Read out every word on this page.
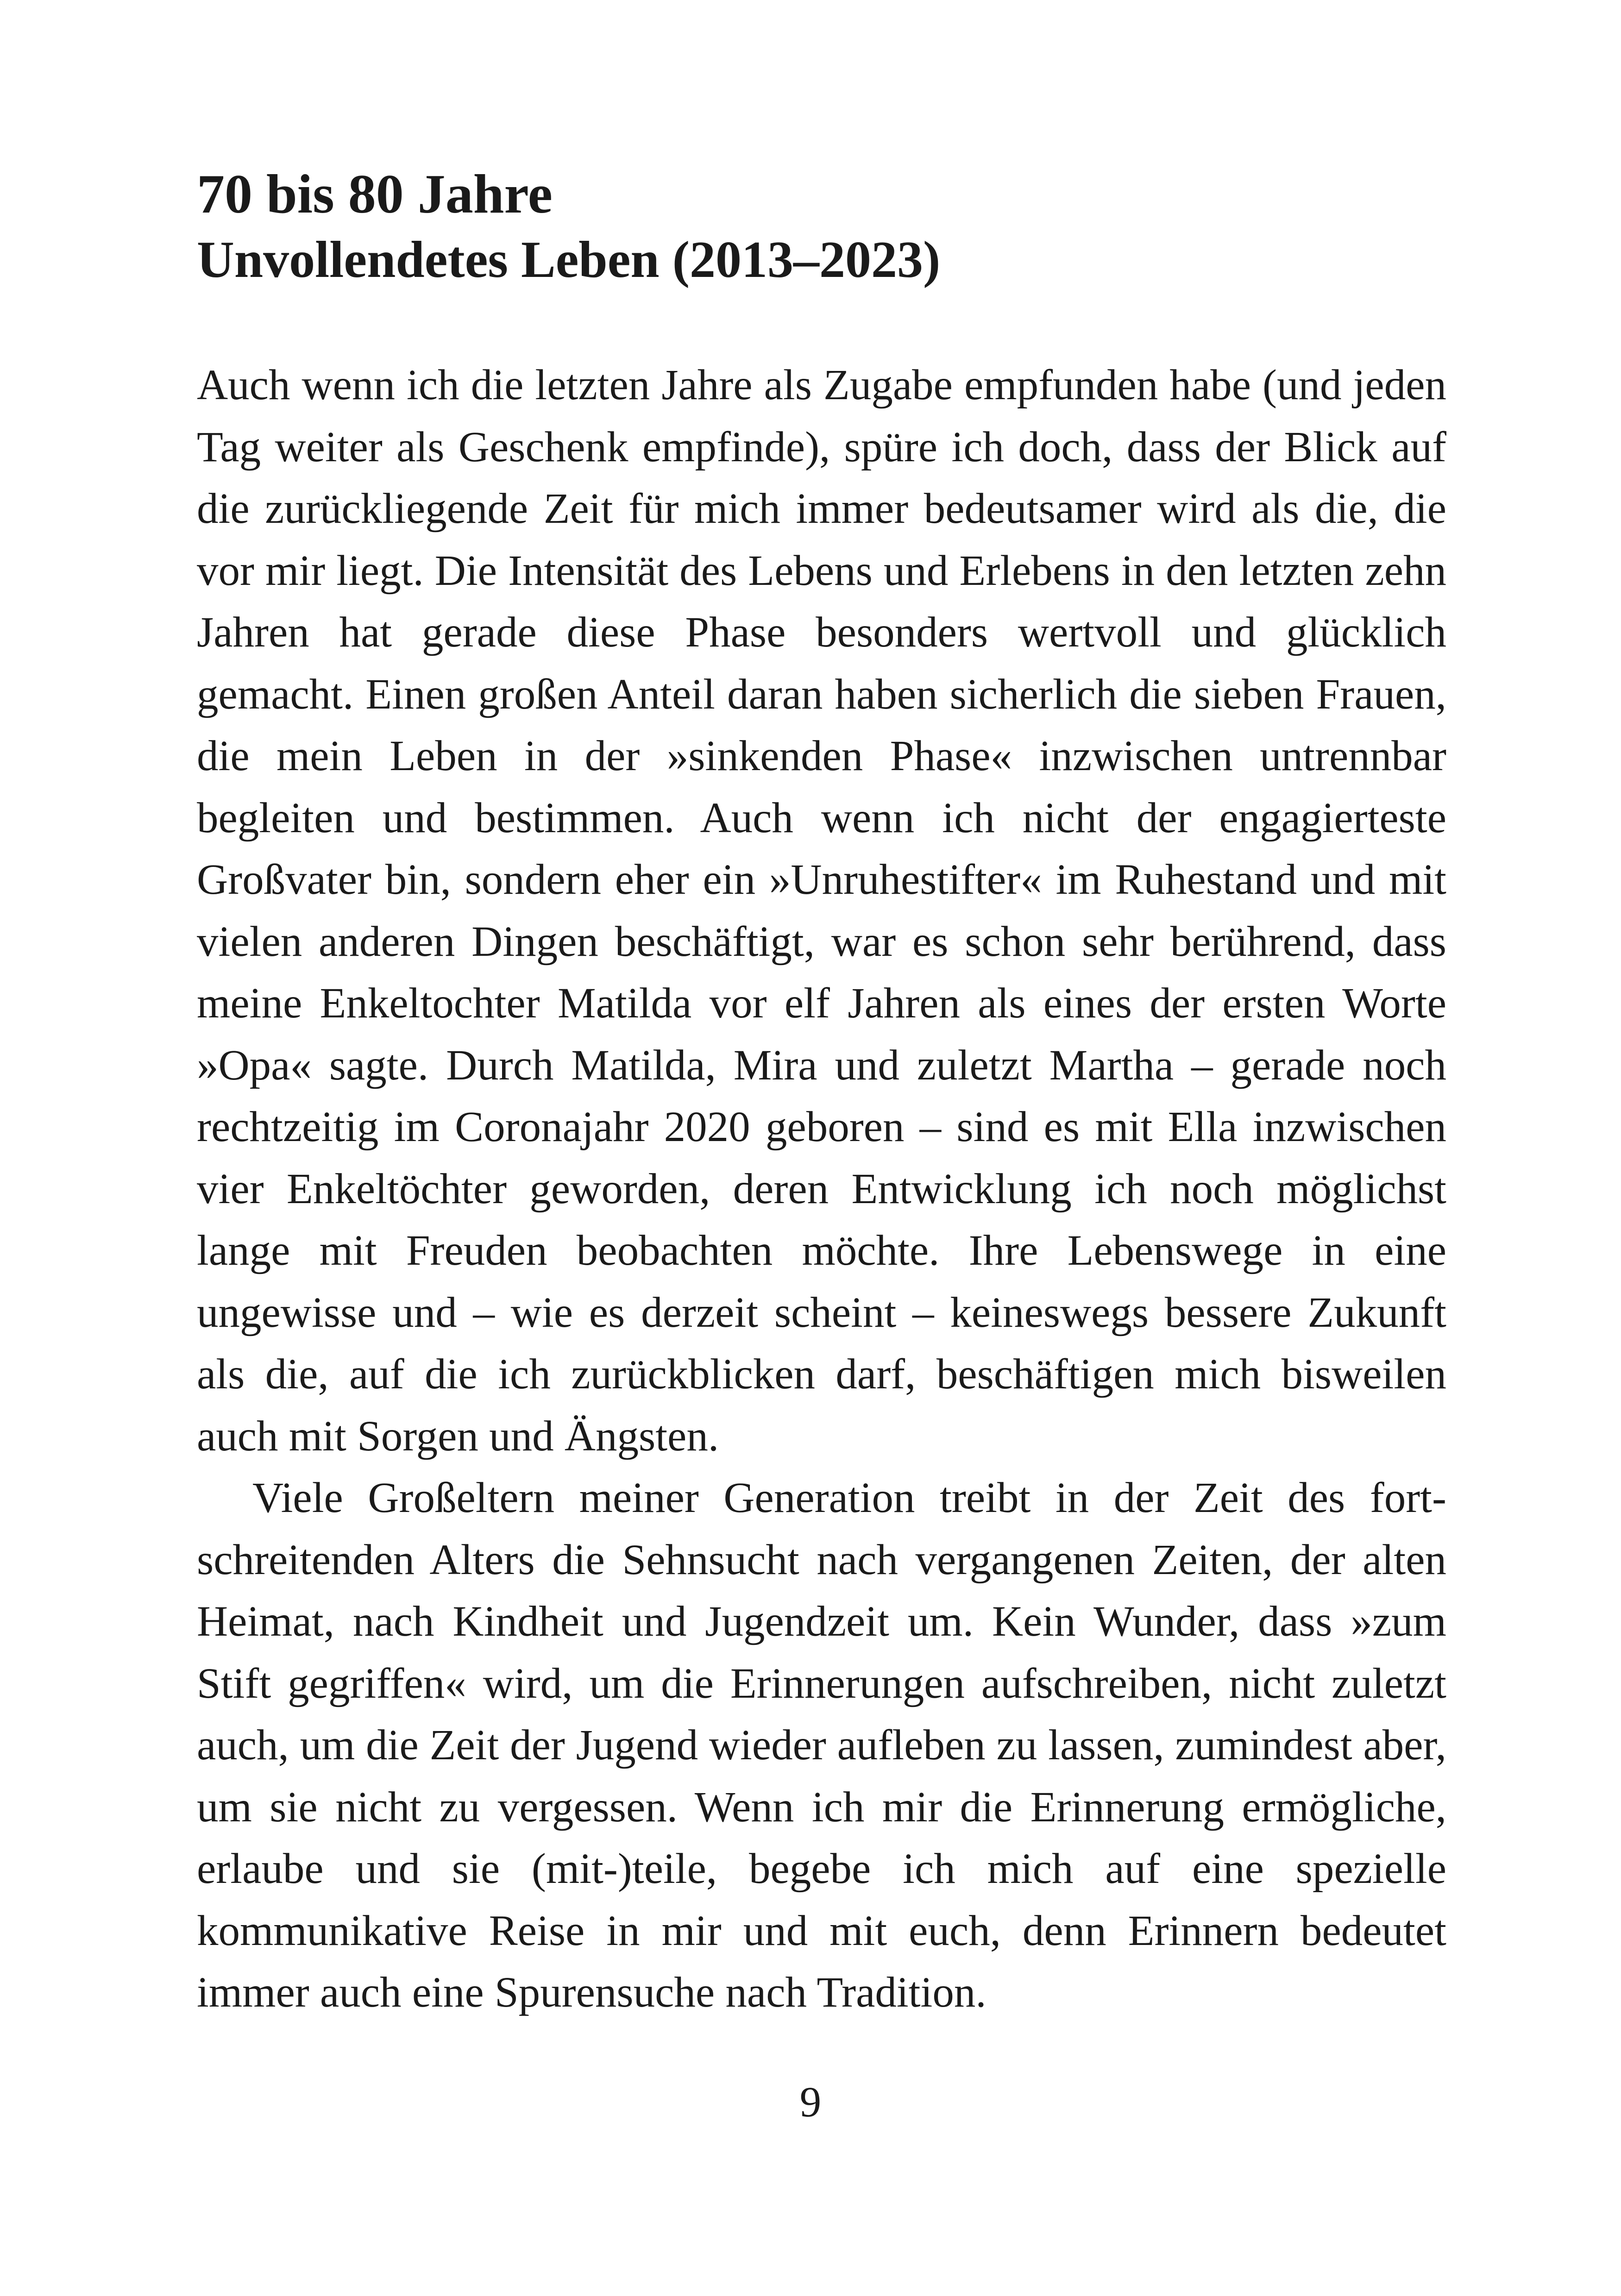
70 bis 80 Jahre
Unvollendetes Leben (2013–2023)

Auch wenn ich die letzten Jahre als Zugabe empfunden habe (und jeden Tag weiter als Geschenk empfinde), spüre ich doch, dass der Blick auf die zurückliegende Zeit für mich immer bedeutsamer wird als die, die vor mir liegt. Die Intensität des Lebens und Erlebens in den letzten zehn Jahren hat gerade diese Phase besonders wertvoll und glücklich gemacht. Einen großen Anteil daran haben sicherlich die sieben Frauen, die mein Leben in der »sinkenden Phase« inzwischen untrennbar begleiten und bestimmen. Auch wenn ich nicht der engagierteste Großvater bin, sondern eher ein »Unruhestifter« im Ruhestand und mit vielen anderen Dingen beschäftigt, war es schon sehr berührend, dass meine Enkeltochter Matilda vor elf Jahren als eines der ersten Worte »Opa« sagte. Durch Matilda, Mira und zuletzt Martha – gerade noch rechtzeitig im Coronajahr 2020 geboren – sind es mit Ella inzwischen vier Enkeltöchter geworden, deren Entwicklung ich noch möglichst lange mit Freuden beobachten möchte. Ihre Lebenswege in eine ungewisse und – wie es derzeit scheint – keineswegs bessere Zukunft als die, auf die ich zurückblicken darf, beschäftigen mich bisweilen auch mit Sorgen und Ängsten.

Viele Großeltern meiner Generation treibt in der Zeit des fortschreitenden Alters die Sehnsucht nach vergangenen Zeiten, der alten Heimat, nach Kindheit und Jugendzeit um. Kein Wunder, dass »zum Stift gegriffen« wird, um die Erinnerungen aufschreiben, nicht zuletzt auch, um die Zeit der Jugend wieder aufleben zu lassen, zumindest aber, um sie nicht zu vergessen. Wenn ich mir die Erinnerung ermögliche, erlaube und sie (mit-)teile, begebe ich mich auf eine spezielle kommunikative Reise in mir und mit euch, denn Erinnern bedeutet immer auch eine Spurensuche nach Tradition.

9
